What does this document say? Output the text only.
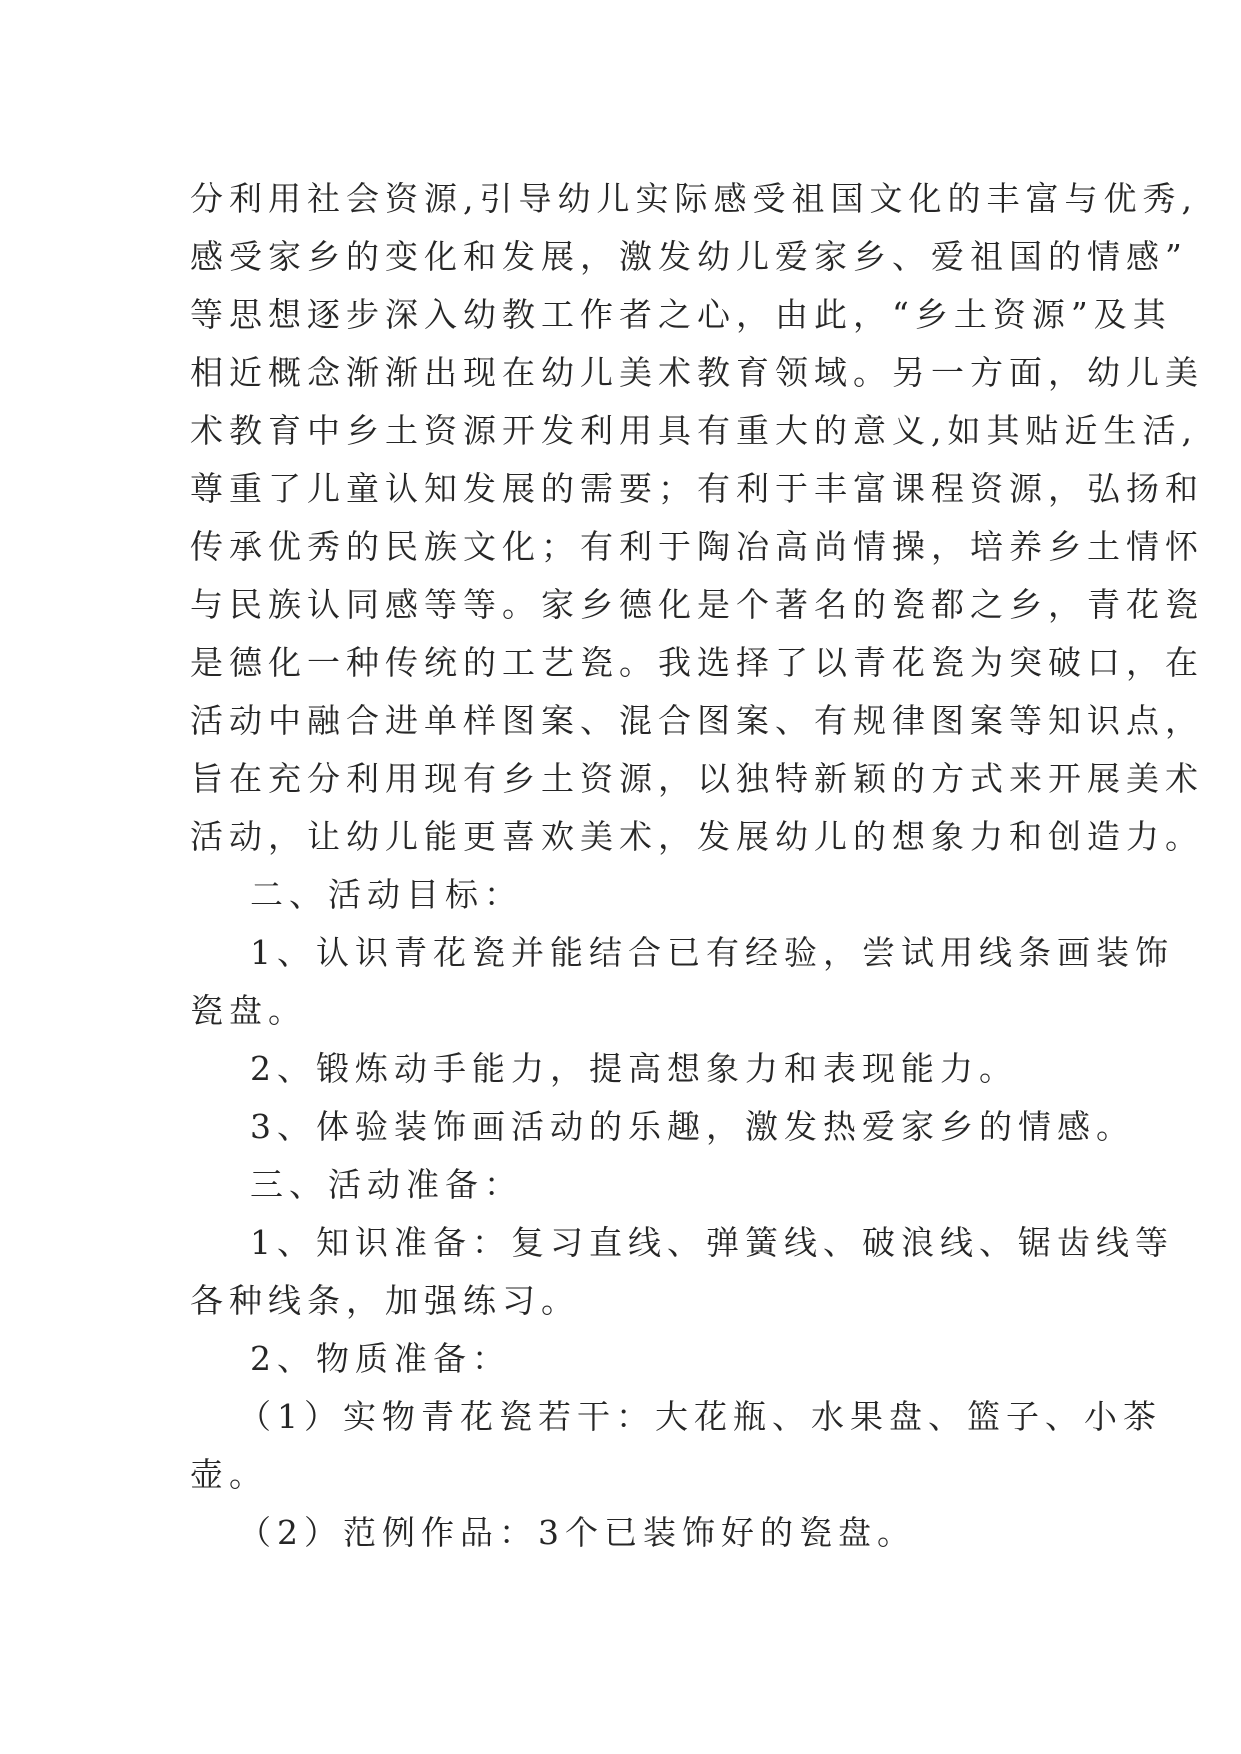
分利用社会资源,引导幼儿实际感受祖国文化的丰富与优秀,
感受家乡的变化和发展，激发幼儿爱家乡、爱祖国的情感”
等思想逐步深入幼教工作者之心，由此，“乡土资源”及其
相近概念渐渐出现在幼儿美术教育领域。另一方面，幼儿美
术教育中乡土资源开发利用具有重大的意义,如其贴近生活,
尊重了儿童认知发展的需要；有利于丰富课程资源，弘扬和
传承优秀的民族文化；有利于陶冶高尚情操，培养乡土情怀
与民族认同感等等。家乡德化是个著名的瓷都之乡，青花瓷
是德化一种传统的工艺瓷。我选择了以青花瓷为突破口，在
活动中融合进单样图案、混合图案、有规律图案等知识点，
旨在充分利用现有乡土资源，以独特新颖的方式来开展美术
活动，让幼儿能更喜欢美术，发展幼儿的想象力和创造力。
二、活动目标：
1、认识青花瓷并能结合已有经验，尝试用线条画装饰
瓷盘。
2、锻炼动手能力，提高想象力和表现能力。
3、体验装饰画活动的乐趣，激发热爱家乡的情感。
三、活动准备：
1、知识准备：复习直线、弹簧线、破浪线、锯齿线等
各种线条，加强练习。
2、物质准备：
（1）实物青花瓷若干：大花瓶、水果盘、篮子、小茶
壶。
（2）范例作品：3个已装饰好的瓷盘。
